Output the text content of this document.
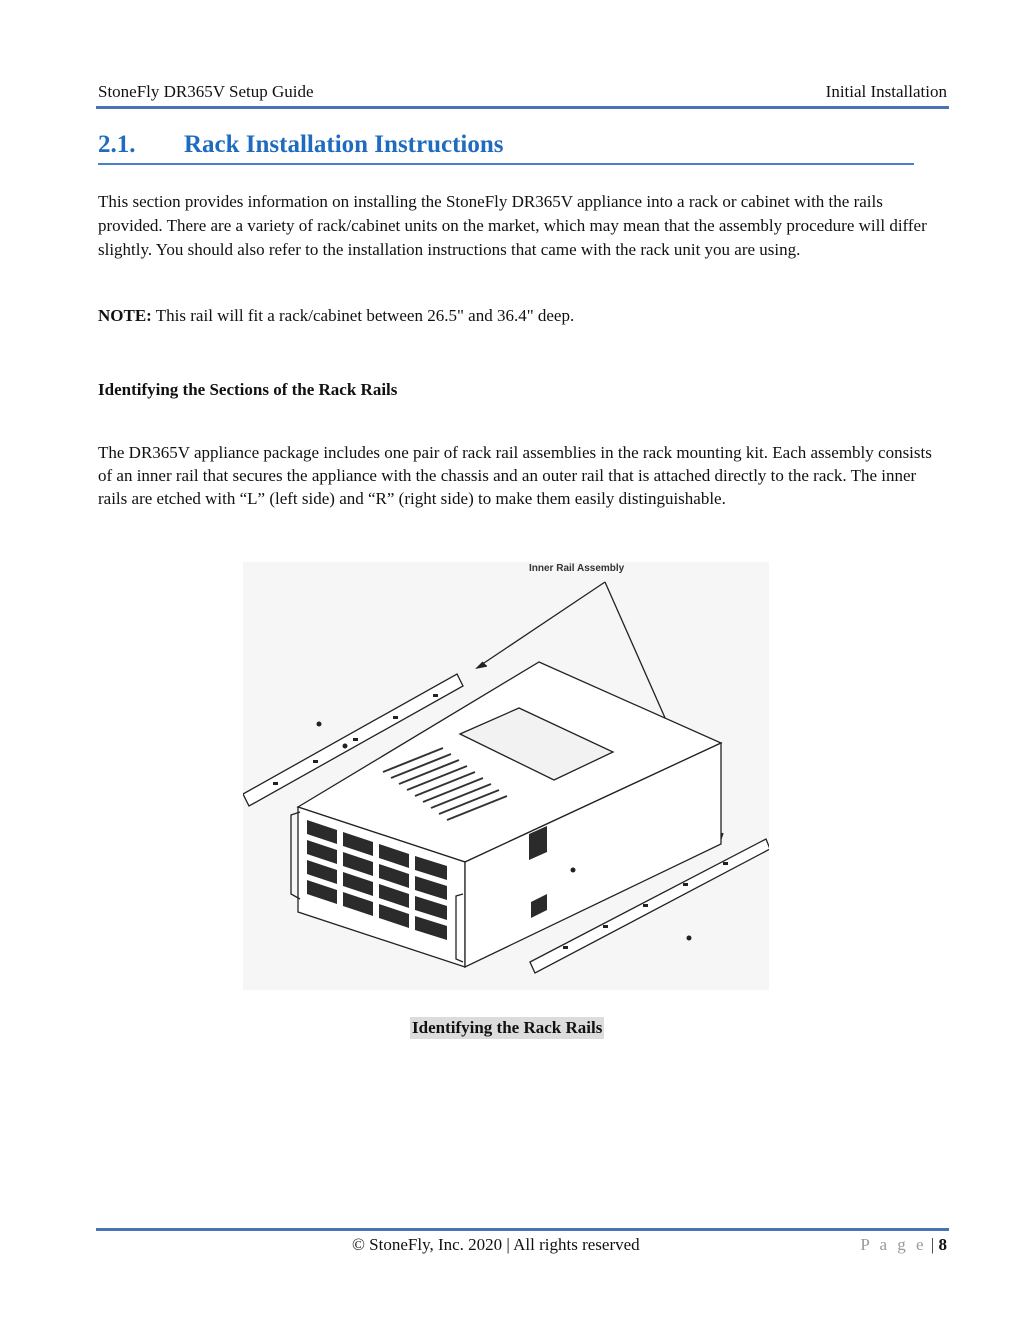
StoneFly DR365V Setup Guide	Initial Installation
2.1. Rack Installation Instructions

This section provides information on installing the StoneFly DR365V appliance into a rack or cabinet with the rails provided. There are a variety of rack/cabinet units on the market, which may mean that the assembly procedure will differ slightly. You should also refer to the installation instructions that came with the rack unit you are using.

NOTE: This rail will fit a rack/cabinet between 26.5" and 36.4" deep.

Identifying the Sections of the Rack Rails

The DR365V appliance package includes one pair of rack rail assemblies in the rack mounting kit. Each assembly consists of an inner rail that secures the appliance with the chassis and an outer rail that is attached directly to the rack. The inner rails are etched with “L” (left side) and “R” (right side) to make them easily distinguishable.

Inner Rail Assembly
Identifying the Rack Rails
© StoneFly, Inc. 2020 | All rights reserved	P a g e | 8
